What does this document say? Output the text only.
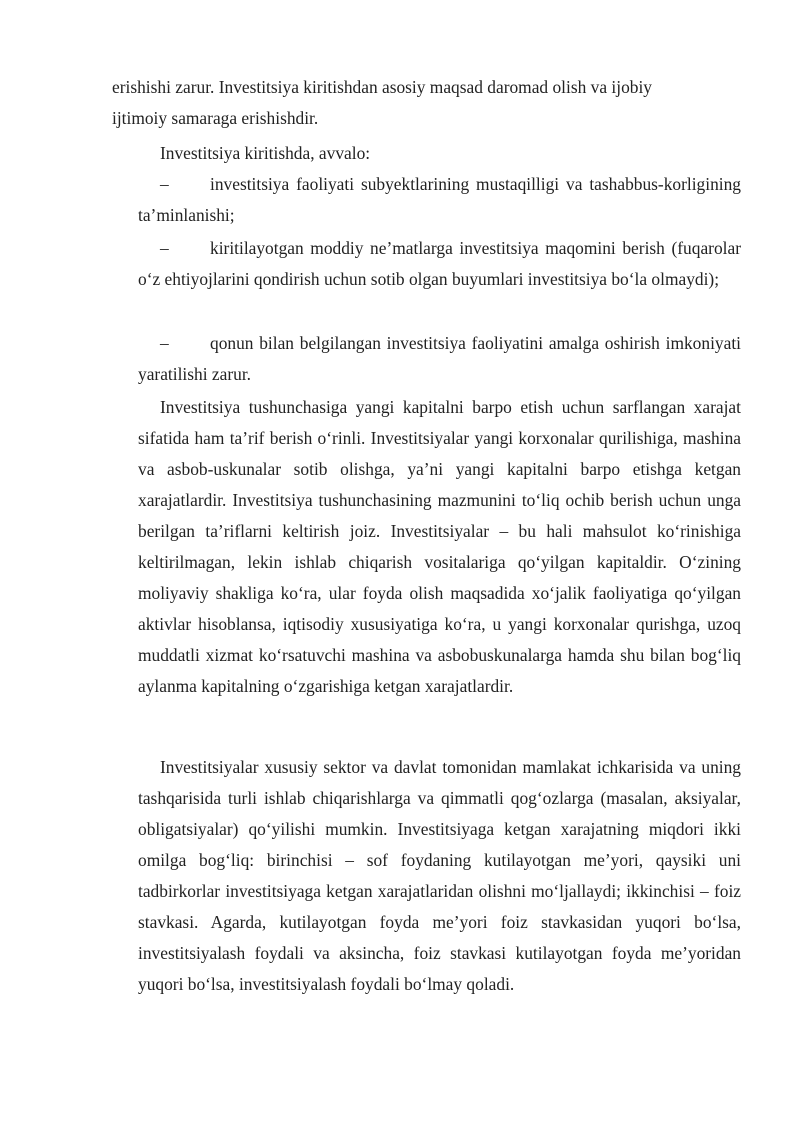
erishishi zarur. Investitsiya kiritishdan asosiy maqsad daromad olish va ijobiy ijtimoiy samaraga erishishdir.

Investitsiya kiritishda, avvalo:

–	investitsiya faoliyati subyektlarining mustaqilligi va tashabbus-korligining taʼminlanishi;
–	kiritilayotgan moddiy neʼmatlarga investitsiya maqomini berish (fuqarolar oʻz ehtiyojlarini qondirish uchun sotib olgan buyumlari investitsiya boʻla olmaydi);
–	qonun bilan belgilangan investitsiya faoliyatini amalga oshirish imkoniyati yaratilishi zarur.

Investitsiya tushunchasiga yangi kapitalni barpo etish uchun sarflangan xarajat sifatida ham taʼrif berish oʻrinli. Investitsiyalar yangi korxonalar qurilishiga, mashina va asbob-uskunalar sotib olishga, yaʼni yangi kapitalni barpo etishga ketgan xarajatlardir. Investitsiya tushunchasining mazmunini toʻliq ochib berish uchun unga berilgan taʼriflarni keltirish joiz. Investitsiyalar – bu hali mahsulot koʻrinishiga keltirilmagan, lekin ishlab chiqarish vositalariga qoʻyilgan kapitaldir. Oʻzining moliyaviy shakliga koʻra, ular foyda olish maqsadida xoʻjalik faoliyatiga qoʻyilgan aktivlar hisoblansa, iqtisodiy xususiyatiga koʻra, u yangi korxonalar qurishga, uzoq muddatli xizmat koʻrsatuvchi mashina va asbobuskunalarga hamda shu bilan bogʻliq aylanma kapitalning oʻzgarishiga ketgan xarajatlardir.

Investitsiyalar xususiy sektor va davlat tomonidan mamlakat ichkarisida va uning tashqarisida turli ishlab chiqarishlarga va qimmatli qogʻozlarga (masalan, aksiyalar, obligatsiyalar) qoʻyilishi mumkin. Investitsiyaga ketgan xarajatning miqdori ikki omilga bogʻliq: birinchisi – sof foydaning kutilayotgan meʼyori, qaysiki uni tadbirkorlar investitsiyaga ketgan xarajatlaridan olishni moʻljallaydi; ikkinchisi – foiz stavkasi. Agarda, kutilayotgan foyda meʼyori foiz stavkasidan yuqori boʻlsa, investitsiyalash foydali va aksincha, foiz stavkasi kutilayotgan foyda meʼyoridan yuqori boʻlsa, investitsiyalash foydali boʻlmay qoladi.
